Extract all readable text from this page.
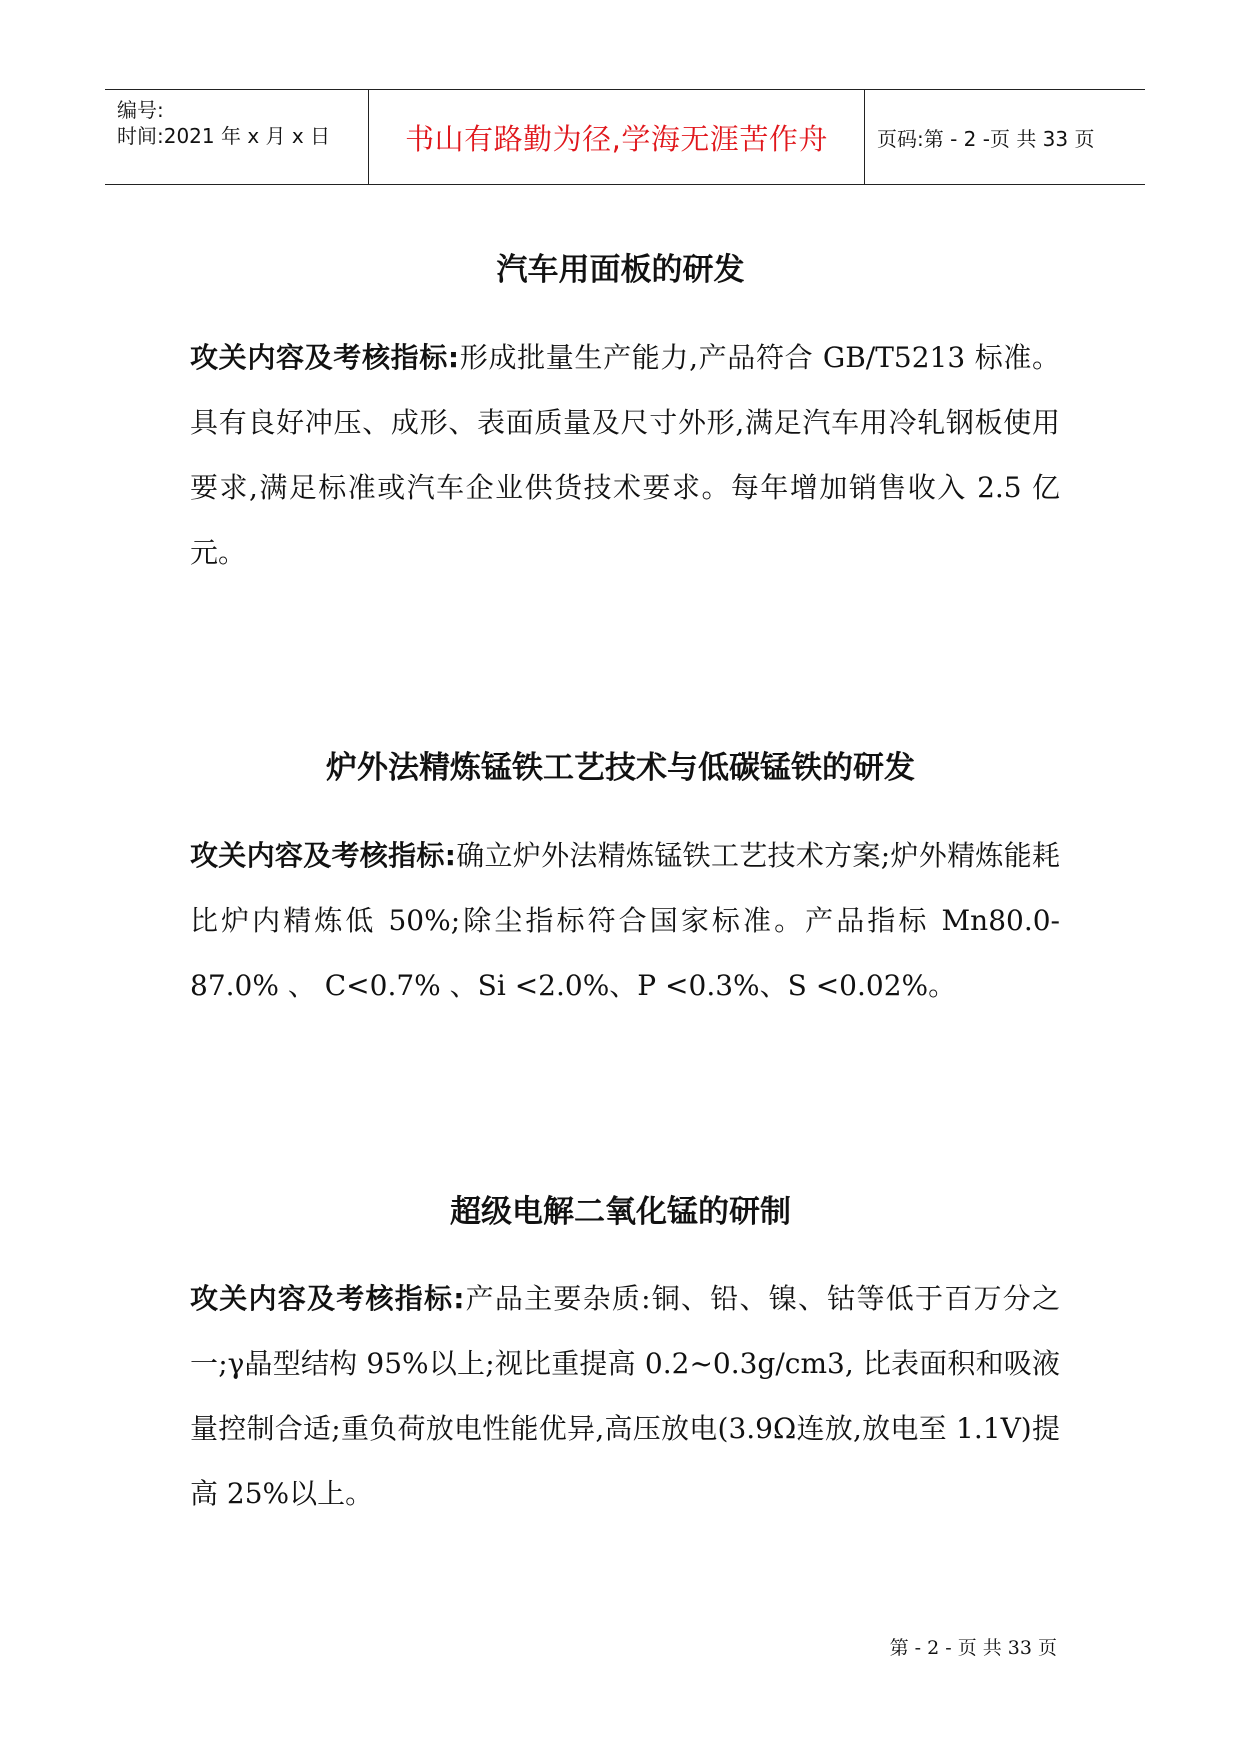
编号:
时间:2021 年 x 月 x 日	书山有路勤为径,学海无涯苦作舟 页码:第 - 2 -页 共 33 页
汽车用面板的研发

攻关内容及考核指标:形成批量生产能力,产品符合 GB/T5213 标准。具有良好冲压、成形、表面质量及尺寸外形,满足汽车用冷轧钢板使用要求,满足标准或汽车企业供货技术要求。每年增加销售收入 2.5 亿元。

炉外法精炼锰铁工艺技术与低碳锰铁的研发

攻关内容及考核指标:确立炉外法精炼锰铁工艺技术方案;炉外精炼能耗比炉内精炼低 50%;除尘指标符合国家标准。产品指标 Mn80.0-87.0% 、 C<0.7% 、Si <2.0%、P <0.3%、S <0.02%。

超级电解二氧化锰的研制

攻关内容及考核指标:产品主要杂质:铜、铅、镍、钴等低于百万分之一;γ晶型结构 95%以上;视比重提高 0.2~0.3g/cm3, 比表面积和吸液量控制合适;重负荷放电性能优异,高压放电(3.9Ω连放,放电至 1.1V)提高 25%以上。

第 - 2 - 页 共 33 页
